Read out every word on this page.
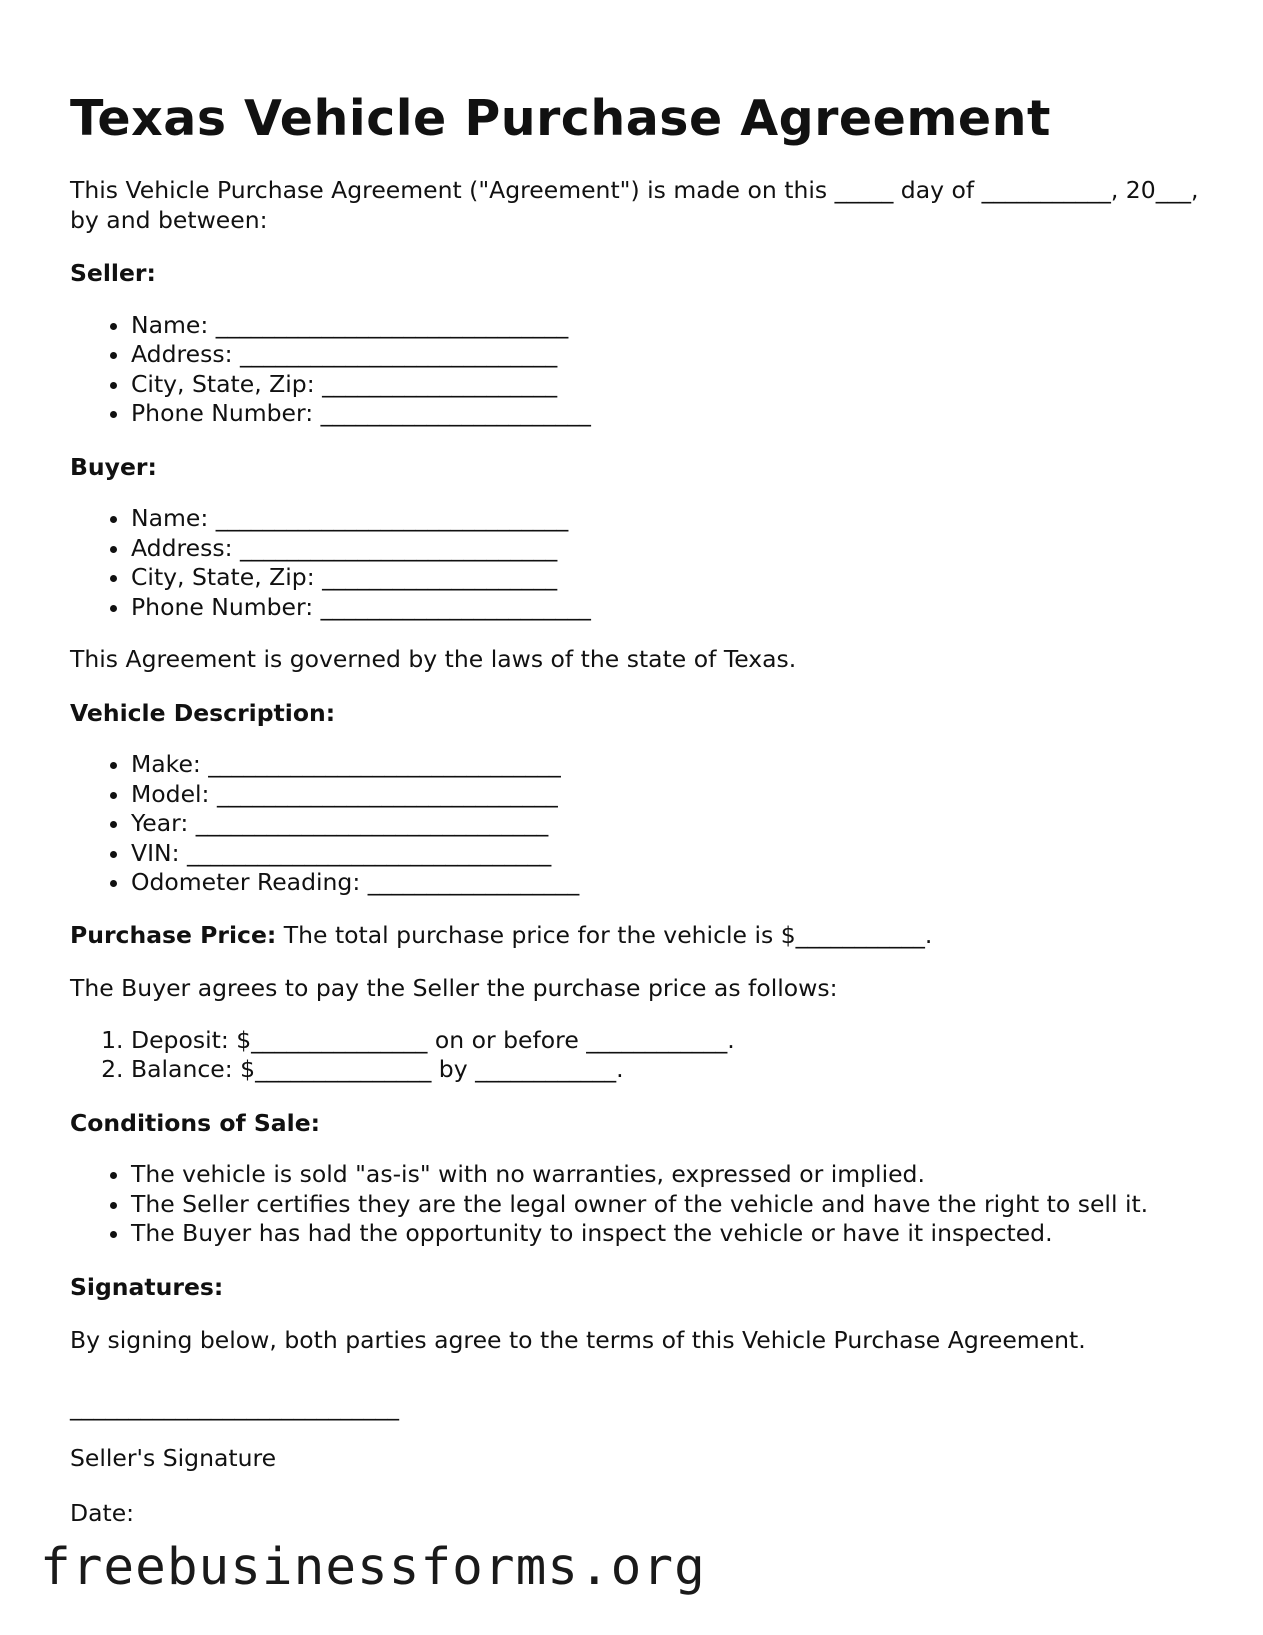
Texas Vehicle Purchase Agreement

This Vehicle Purchase Agreement ("Agreement") is made on this _____ day of ___________, 20___, by and between:

Seller:

• Name: ______________________________
• Address: ___________________________
• City, State, Zip: ____________________
• Phone Number: _______________________

Buyer:

• Name: ______________________________
• Address: ___________________________
• City, State, Zip: ____________________
• Phone Number: _______________________

This Agreement is governed by the laws of the state of Texas.

Vehicle Description:

• Make: ______________________________
• Model: _____________________________
• Year: ______________________________
• VIN: _______________________________
• Odometer Reading: __________________

Purchase Price: The total purchase price for the vehicle is $___________.

The Buyer agrees to pay the Seller the purchase price as follows:

1. Deposit: $_______________ on or before ____________.
2. Balance: $_______________ by ____________.

Conditions of Sale:

• The vehicle is sold "as-is" with no warranties, expressed or implied.
• The Seller certifies they are the legal owner of the vehicle and have the right to sell it.
• The Buyer has had the opportunity to inspect the vehicle or have it inspected.

Signatures:

By signing below, both parties agree to the terms of this Vehicle Purchase Agreement.

____________________________

Seller's Signature

Date:

freebusinessforms.org
